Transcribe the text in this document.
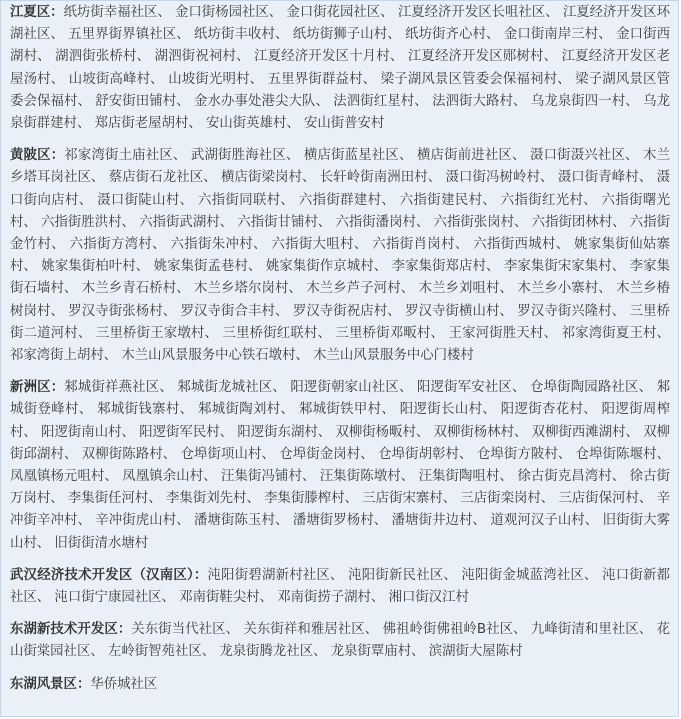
江夏区：纸坊街幸福社区、 金口街杨园社区、 金口街花园社区、 江夏经济开发区长咀社区、 江夏经济开发区环湖社区、 五里界街界镇社区、 纸坊街丰收村、 纸坊街狮子山村、 纸坊街齐心村、 金口街南岸三村、 金口街西湖村、 湖泗街张桥村、 湖泗街祝祠村、 江夏经济开发区十月村、 江夏经济开发区郧树村、 江夏经济开发区老屋汤村、 山坡街高峰村、 山坡街光明村、 五里界街群益村、 梁子湖风景区管委会保福祠村、 梁子湖风景区管委会保福村、 舒安街田铺村、 金水办事处港尖大队、 法泗街红星村、 法泗街大路村、 乌龙泉街四一村、 乌龙泉街群建村、 郑店街老屋胡村、 安山街英雄村、 安山街普安村

黄陂区：祁家湾街土庙社区、 武湖街胜海社区、 横店街蓝星社区、 横店街前进社区、 滠口街滠兴社区、 木兰乡塔耳岗社区、 蔡店街石龙社区、 横店街梁岗村、 长轩岭街南洲田村、 滠口街冯树岭村、 滠口街青峰村、 滠口街向店村、 滠口街陡山村、 六指街同联村、 六指街群建村、 六指街建民村、 六指街红光村、 六指街曙光村、 六指街胜洪村、 六指街武湖村、 六指街甘铺村、 六指街潘岗村、 六指街张岗村、 六指街团林村、 六指街金竹村、 六指街方湾村、 六指街朱冲村、 六指街大咀村、 六指街肖岗村、 六指街西城村、 姚家集街仙姑寨村、 姚家集街柏叶村、 姚家集街孟巷村、 姚家集街作京城村、 李家集街郑店村、 李家集街宋家集村、 李家集街石墙村、 木兰乡青石桥村、 木兰乡塔尔岗村、 木兰乡芦子河村、 木兰乡刘咀村、 木兰乡小寨村、 木兰乡椿树岗村、 罗汉寺街张杨村、 罗汉寺街合丰村、 罗汉寺街祝店村、 罗汉寺街横山村、 罗汉寺街兴隆村、 三里桥街二道河村、 三里桥街王家墩村、 三里桥街红联村、 三里桥街邓畈村、 王家河街胜天村、 祁家湾街夏王村、 祁家湾街上胡村、 木兰山风景服务中心铁石墩村、 木兰山风景服务中心门楼村

新洲区：邾城街祥燕社区、 邾城街龙城社区、 阳逻街朝家山社区、 阳逻街军安社区、 仓埠街陶园路社区、 邾城街登峰村、 邾城街钱寨村、 邾城街陶刘村、 邾城街铁甲村、 阳逻街长山村、 阳逻街杏花村、 阳逻街周榨村、 阳逻街南山村、 阳逻街军民村、 阳逻街东湖村、 双柳街杨畈村、 双柳街杨林村、 双柳街西滩湖村、 双柳街邱湖村、 双柳街陈路村、 仓埠街项山村、 仓埠街金岗村、 仓埠街胡彰村、 仓埠街方陂村、 仓埠街陈堰村、 凤凰镇杨元咀村、 凤凰镇余山村、 汪集街冯铺村、 汪集街陈墩村、 汪集街陶咀村、 徐古街克昌湾村、 徐古街万岗村、 李集街任河村、 李集街刘先村、 李集街滕榨村、 三店街宋寨村、 三店街栾岗村、 三店街保河村、 辛冲街辛冲村、 辛冲街虎山村、 潘塘街陈玉村、 潘塘街罗杨村、 潘塘街井边村、 道观河汉子山村、 旧街街大雾山村、 旧街街清水塘村

武汉经济技术开发区（汉南区）：沌阳街碧湖新村社区、 沌阳街新民社区、 沌阳街金城蓝湾社区、 沌口街新都社区、 沌口街宁康园社区、 邓南街鞋尖村、 邓南街捞子湖村、 湘口街汉江村

东湖新技术开发区：关东街当代社区、 关东街祥和雅居社区、 佛祖岭街佛祖岭B社区、 九峰街清和里社区、 花山街棠园社区、 左岭街智苑社区、 龙泉街腾龙社区、 龙泉街覃庙村、 滨湖街大屋陈村

东湖风景区：华侨城社区
